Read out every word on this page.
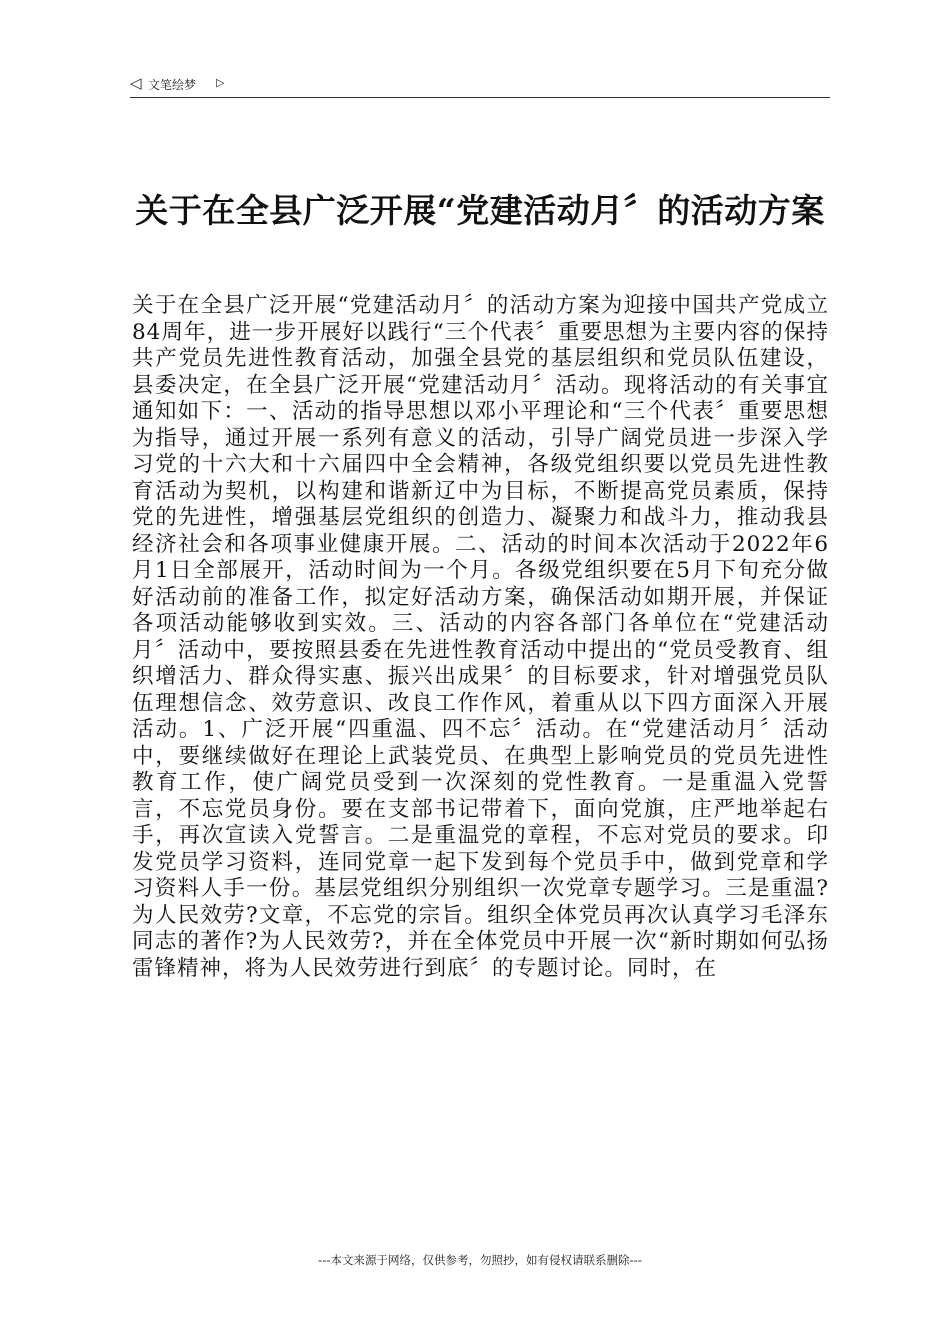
◁ 文笔绘梦 ▷
关于在全县广泛开展“党建活动月〞的活动方案

关于在全县广泛开展“党建活动月〞的活动方案为迎接中国共产党成立84周年，进一步开展好以践行“三个代表〞重要思想为主要内容的保持共产党员先进性教育活动，加强全县党的基层组织和党员队伍建设，县委决定，在全县广泛开展“党建活动月〞活动。现将活动的有关事宜通知如下：一、活动的指导思想以邓小平理论和“三个代表〞重要思想为指导，通过开展一系列有意义的活动，引导广阔党员进一步深入学习党的十六大和十六届四中全会精神，各级党组织要以党员先进性教育活动为契机，以构建和谐新辽中为目标，不断提高党员素质，保持党的先进性，增强基层党组织的创造力、凝聚力和战斗力，推动我县经济社会和各项事业健康开展。二、活动的时间本次活动于2022年6月1日全部展开，活动时间为一个月。各级党组织要在5月下旬充分做好活动前的准备工作，拟定好活动方案，确保活动如期开展，并保证各项活动能够收到实效。三、活动的内容各部门各单位在“党建活动月〞活动中，要按照县委在先进性教育活动中提出的“党员受教育、组织增活力、群众得实惠、振兴出成果〞的目标要求，针对增强党员队伍理想信念、效劳意识、改良工作作风，着重从以下四方面深入开展活动。1、广泛开展“四重温、四不忘〞活动。在“党建活动月〞活动中，要继续做好在理论上武装党员、在典型上影响党员的党员先进性教育工作，使广阔党员受到一次深刻的党性教育。一是重温入党誓言，不忘党员身份。要在支部书记带着下，面向党旗，庄严地举起右手，再次宣读入党誓言。二是重温党的章程，不忘对党员的要求。印发党员学习资料，连同党章一起下发到每个党员手中，做到党章和学习资料人手一份。基层党组织分别组织一次党章专题学习。三是重温?为人民效劳?文章，不忘党的宗旨。组织全体党员再次认真学习毛泽东同志的著作?为人民效劳?，并在全体党员中开展一次“新时期如何弘扬雷锋精神，将为人民效劳进行到底〞的专题讨论。同时，在

---本文来源于网络，仅供参考，勿照抄，如有侵权请联系删除---
